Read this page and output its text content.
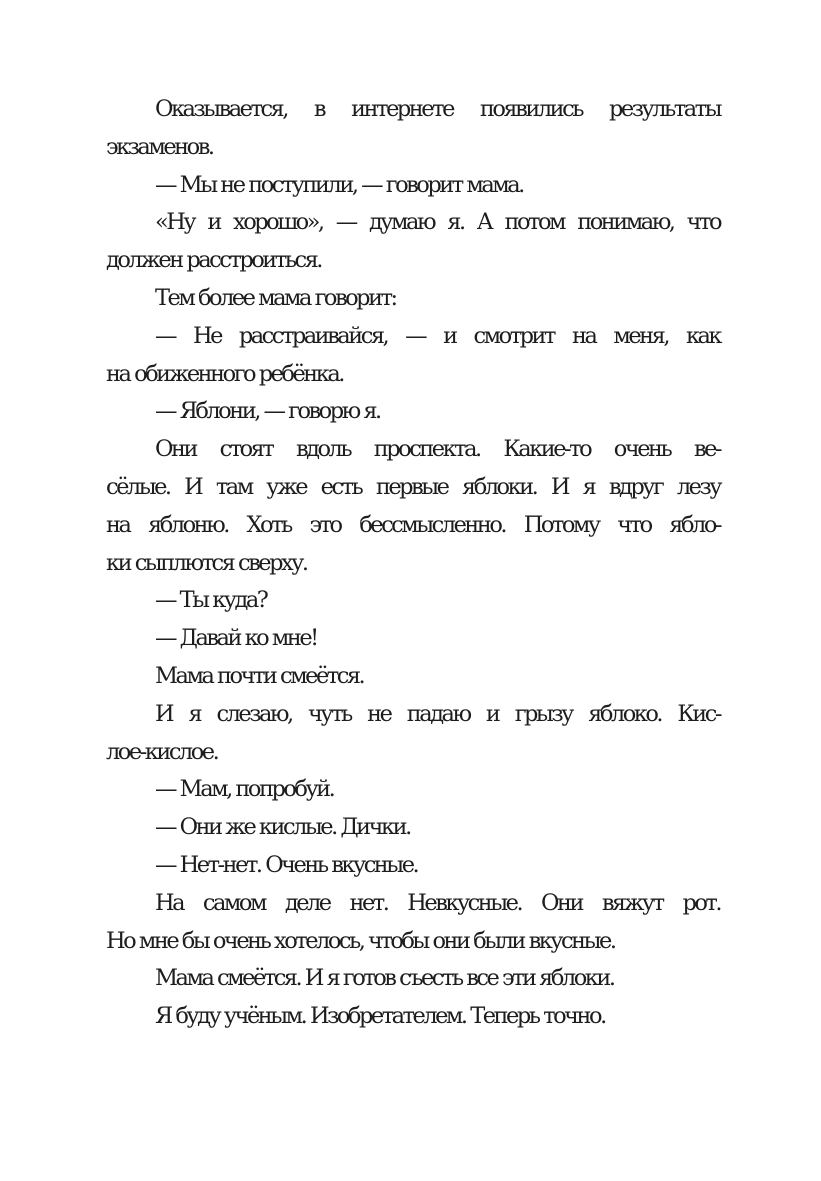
Оказывается, в интернете появились результаты
экзаменов.

— Мы не поступили, — говорит мама.

«Ну и хорошо», — думаю я. А потом понимаю, что
должен расстроиться.

Тем более мама говорит:

— Не расстраивайся, — и смотрит на меня, как
на обиженного ребёнка.

— Яблони, — говорю я.

Они стоят вдоль проспекта. Какие-то очень ве-
сёлые. И там уже есть первые яблоки. И я вдруг лезу
на яблоню. Хоть это бессмысленно. Потому что ябло-
ки сыплются сверху.

— Ты куда?

— Давай ко мне!

Мама почти смеётся.

И я слезаю, чуть не падаю и грызу яблоко. Кис-
лое-кислое.

— Мам, попробуй.

— Они же кислые. Дички.

— Нет-нет. Очень вкусные.

На самом деле нет. Невкусные. Они вяжут рот.
Но мне бы очень хотелось, чтобы они были вкусные.

Мама смеётся. И я готов съесть все эти яблоки.

Я буду учёным. Изобретателем. Теперь точно.
